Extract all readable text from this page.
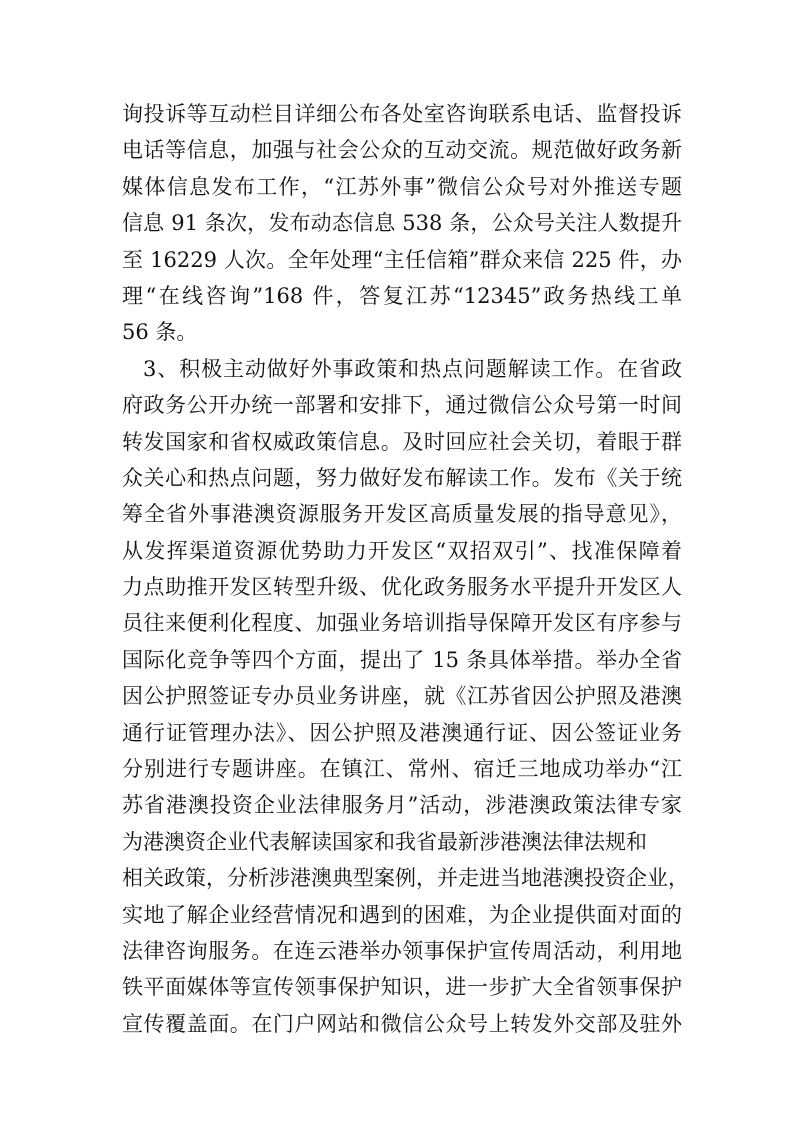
询投诉等互动栏目详细公布各处室咨询联系电话、监督投诉
电话等信息，加强与社会公众的互动交流。规范做好政务新
媒体信息发布工作，“江苏外事”微信公众号对外推送专题
信息 91 条次，发布动态信息 538 条，公众号关注人数提升
至 16229 人次。全年处理“主任信箱”群众来信 225 件，办
理“在线咨询”168 件，答复江苏“12345”政务热线工单
56 条。
3、积极主动做好外事政策和热点问题解读工作。在省政
府政务公开办统一部署和安排下，通过微信公众号第一时间
转发国家和省权威政策信息。及时回应社会关切，着眼于群
众关心和热点问题，努力做好发布解读工作。发布《关于统
筹全省外事港澳资源服务开发区高质量发展的指导意见》，
从发挥渠道资源优势助力开发区“双招双引”、找准保障着
力点助推开发区转型升级、优化政务服务水平提升开发区人
员往来便利化程度、加强业务培训指导保障开发区有序参与
国际化竞争等四个方面，提出了 15 条具体举措。举办全省
因公护照签证专办员业务讲座，就《江苏省因公护照及港澳
通行证管理办法》、因公护照及港澳通行证、因公签证业务
分别进行专题讲座。在镇江、常州、宿迁三地成功举办“江
苏省港澳投资企业法律服务月”活动，涉港澳政策法律专家
为港澳资企业代表解读国家和我省最新涉港澳法律法规和
相关政策，分析涉港澳典型案例，并走进当地港澳投资企业，
实地了解企业经营情况和遇到的困难，为企业提供面对面的
法律咨询服务。在连云港举办领事保护宣传周活动，利用地
铁平面媒体等宣传领事保护知识，进一步扩大全省领事保护
宣传覆盖面。在门户网站和微信公众号上转发外交部及驻外
